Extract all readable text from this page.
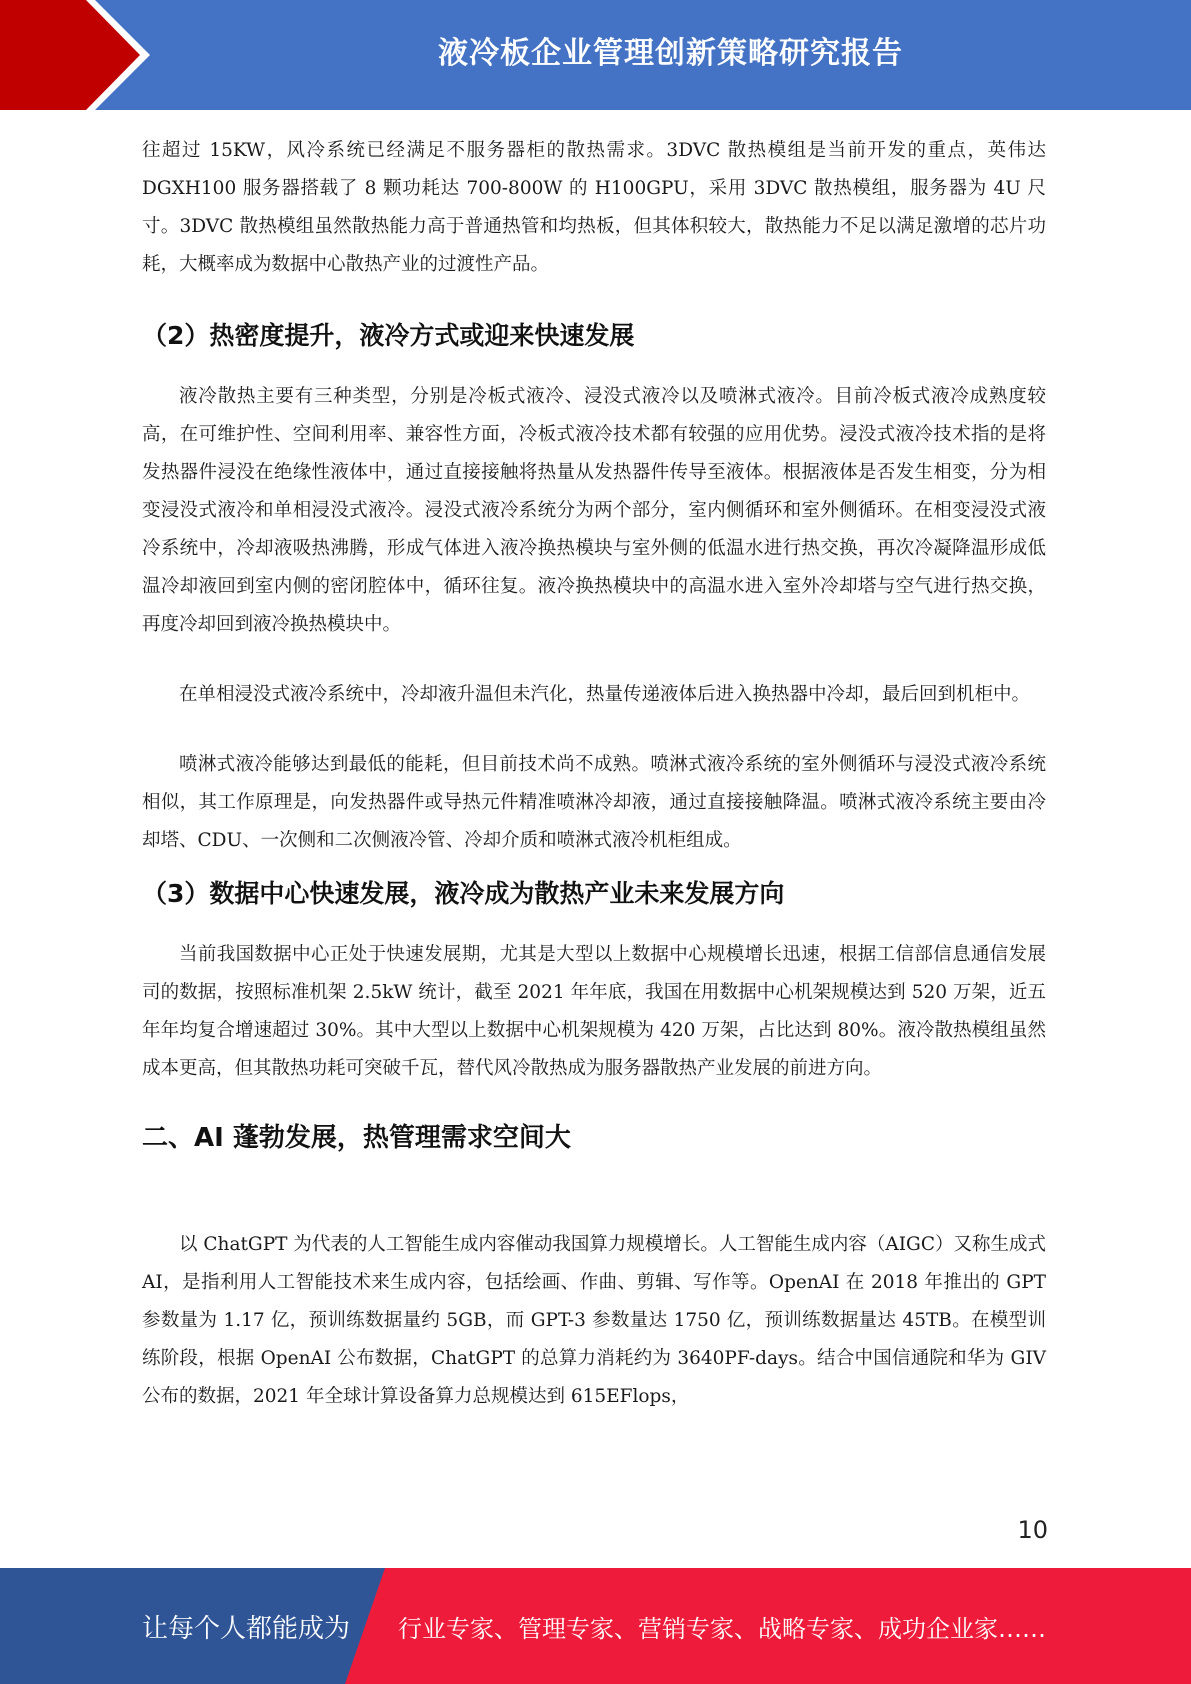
液冷板企业管理创新策略研究报告

往超过 15KW，风冷系统已经满足不服务器柜的散热需求。3DVC 散热模组是当前开发的重点，英伟达 DGXH100 服务器搭载了 8 颗功耗达 700-800W 的 H100GPU，采用 3DVC 散热模组，服务器为 4U 尺寸。3DVC 散热模组虽然散热能力高于普通热管和均热板，但其体积较大，散热能力不足以满足激增的芯片功耗，大概率成为数据中心散热产业的过渡性产品。

（2）热密度提升，液冷方式或迎来快速发展

液冷散热主要有三种类型，分别是冷板式液冷、浸没式液冷以及喷淋式液冷。目前冷板式液冷成熟度较高，在可维护性、空间利用率、兼容性方面，冷板式液冷技术都有较强的应用优势。浸没式液冷技术指的是将发热器件浸没在绝缘性液体中，通过直接接触将热量从发热器件传导至液体。根据液体是否发生相变，分为相变浸没式液冷和单相浸没式液冷。浸没式液冷系统分为两个部分，室内侧循环和室外侧循环。在相变浸没式液冷系统中，冷却液吸热沸腾，形成气体进入液冷换热模块与室外侧的低温水进行热交换，再次冷凝降温形成低温冷却液回到室内侧的密闭腔体中，循环往复。液冷换热模块中的高温水进入室外冷却塔与空气进行热交换，再度冷却回到液冷换热模块中。

在单相浸没式液冷系统中，冷却液升温但未汽化，热量传递液体后进入换热器中冷却，最后回到机柜中。

喷淋式液冷能够达到最低的能耗，但目前技术尚不成熟。喷淋式液冷系统的室外侧循环与浸没式液冷系统相似，其工作原理是，向发热器件或导热元件精准喷淋冷却液，通过直接接触降温。喷淋式液冷系统主要由冷却塔、CDU、一次侧和二次侧液冷管、冷却介质和喷淋式液冷机柜组成。

（3）数据中心快速发展，液冷成为散热产业未来发展方向

当前我国数据中心正处于快速发展期，尤其是大型以上数据中心规模增长迅速，根据工信部信息通信发展司的数据，按照标准机架 2.5kW 统计，截至 2021 年年底，我国在用数据中心机架规模达到 520 万架，近五年年均复合增速超过 30%。其中大型以上数据中心机架规模为 420 万架，占比达到 80%。液冷散热模组虽然成本更高，但其散热功耗可突破千瓦，替代风冷散热成为服务器散热产业发展的前进方向。

二、AI 蓬勃发展，热管理需求空间大

以 ChatGPT 为代表的人工智能生成内容催动我国算力规模增长。人工智能生成内容（AIGC）又称生成式 AI，是指利用人工智能技术来生成内容，包括绘画、作曲、剪辑、写作等。OpenAI 在 2018 年推出的 GPT 参数量为 1.17 亿，预训练数据量约 5GB，而 GPT-3 参数量达 1750 亿，预训练数据量达 45TB。在模型训练阶段，根据 OpenAI 公布数据，ChatGPT 的总算力消耗约为 3640PF-days。结合中国信通院和华为 GIV 公布的数据，2021 年全球计算设备算力总规模达到 615EFlops，

10
让每个人都能成为 行业专家、管理专家、营销专家、战略专家、成功企业家……
